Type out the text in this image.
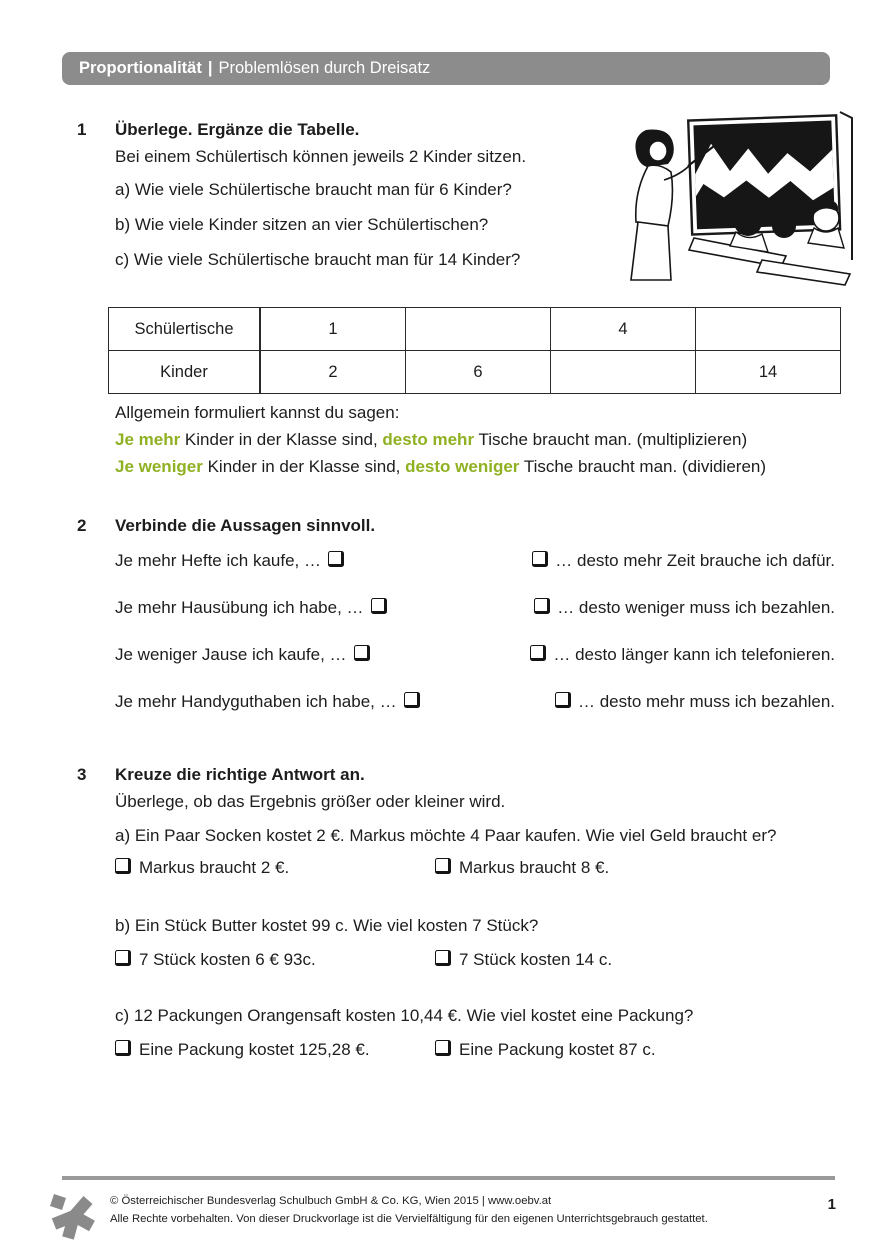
Proportionalität | Problemlösen durch Dreisatz
1 Überlege. Ergänze die Tabelle.
Bei einem Schülertisch können jeweils 2 Kinder sitzen.
a) Wie viele Schülertische braucht man für 6 Kinder?
b) Wie viele Kinder sitzen an vier Schülertischen?
c) Wie viele Schülertische braucht man für 14 Kinder?
Schülertische	1		4	
Kinder	2	6		14
Allgemein formuliert kannst du sagen:
Je mehr Kinder in der Klasse sind, desto mehr Tische braucht man. (multiplizieren)
Je weniger Kinder in der Klasse sind, desto weniger Tische braucht man. (dividieren)
2 Verbinde die Aussagen sinnvoll.
Je mehr Hefte ich kaufe, …	… desto mehr Zeit brauche ich dafür.
Je mehr Hausübung ich habe, …	… desto weniger muss ich bezahlen.
Je weniger Jause ich kaufe, …	… desto länger kann ich telefonieren.
Je mehr Handyguthaben ich habe, …	… desto mehr muss ich bezahlen.
3 Kreuze die richtige Antwort an.
Überlege, ob das Ergebnis größer oder kleiner wird.
a) Ein Paar Socken kostet 2 €. Markus möchte 4 Paar kaufen. Wie viel Geld braucht er?
Markus braucht 2 €.	Markus braucht 8 €.
b) Ein Stück Butter kostet 99 c. Wie viel kosten 7 Stück?
7 Stück kosten 6 € 93c.	7 Stück kosten 14 c.
c) 12 Packungen Orangensaft kosten 10,44 €. Wie viel kostet eine Packung?
Eine Packung kostet 125,28 €.	Eine Packung kostet 87 c.
© Österreichischer Bundesverlag Schulbuch GmbH & Co. KG, Wien 2015 | www.oebv.at
Alle Rechte vorbehalten. Von dieser Druckvorlage ist die Vervielfältigung für den eigenen Unterrichtsgebrauch gestattet.
1
